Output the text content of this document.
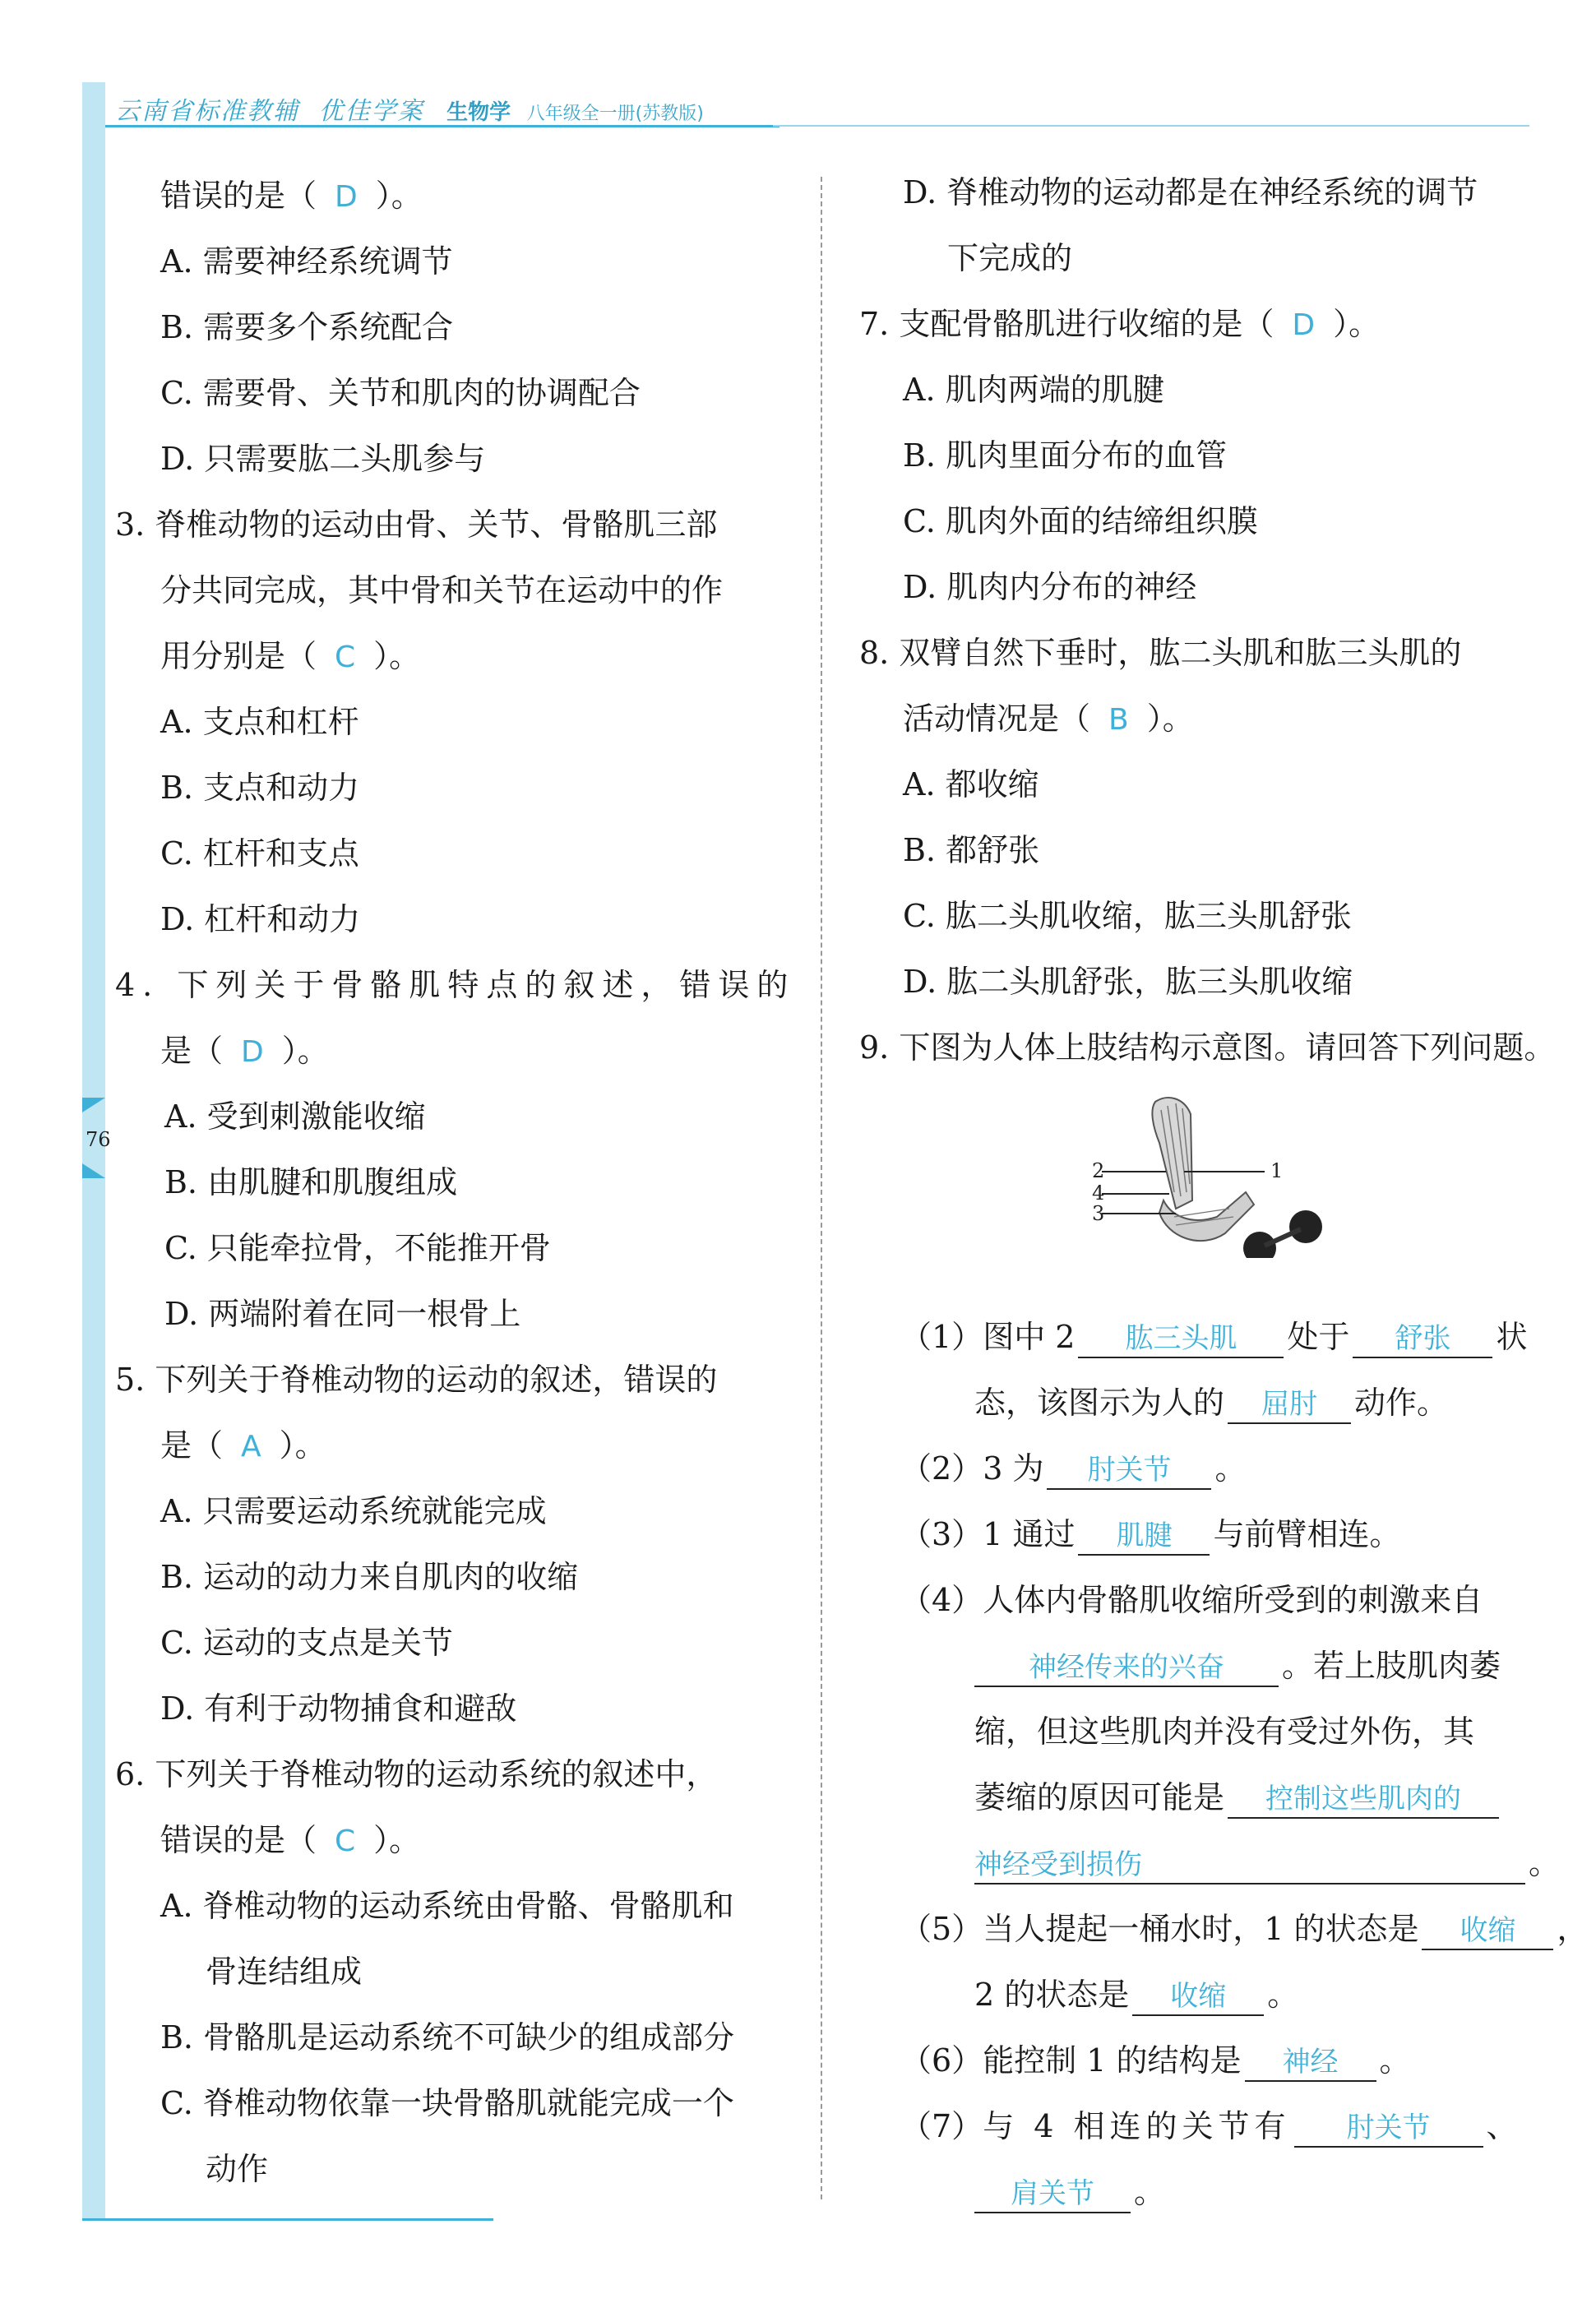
云南省标准教辅 优佳学案 生物学 八年级全一册(苏教版)
76
错误的是（ D ）。
A. 需要神经系统调节
B. 需要多个系统配合
C. 需要骨、关节和肌肉的协调配合
D. 只需要肱二头肌参与
3. 脊椎动物的运动由骨、关节、骨骼肌三部
分共同完成，其中骨和关节在运动中的作
用分别是（ C ）。
A. 支点和杠杆
B. 支点和动力
C. 杠杆和支点
D. 杠杆和动力
4. 下列关于骨骼肌特点的叙述，错误的
是（ D ）。
A. 受到刺激能收缩
B. 由肌腱和肌腹组成
C. 只能牵拉骨，不能推开骨
D. 两端附着在同一根骨上
5. 下列关于脊椎动物的运动的叙述，错误的
是（ A ）。
A. 只需要运动系统就能完成
B. 运动的动力来自肌肉的收缩
C. 运动的支点是关节
D. 有利于动物捕食和避敌
6. 下列关于脊椎动物的运动系统的叙述中，
错误的是（ C ）。
A. 脊椎动物的运动系统由骨骼、骨骼肌和
骨连结组成
B. 骨骼肌是运动系统不可缺少的组成部分
C. 脊椎动物依靠一块骨骼肌就能完成一个
动作
D. 脊椎动物的运动都是在神经系统的调节
下完成的
7. 支配骨骼肌进行收缩的是（ D ）。
A. 肌肉两端的肌腱
B. 肌肉里面分布的血管
C. 肌肉外面的结缔组织膜
D. 肌肉内分布的神经
8. 双臂自然下垂时，肱二头肌和肱三头肌的
活动情况是（ B ）。
A. 都收缩
B. 都舒张
C. 肱二头肌收缩，肱三头肌舒张
D. 肱二头肌舒张，肱三头肌收缩
9. 下图为人体上肢结构示意图。请回答下列问题。
1
2
4
3
（1）图中 2 肱三头肌 处于 舒张 状
态，该图示为人的 屈肘 动作。
（2）3 为 肘关节 。
（3）1 通过 肌腱 与前臂相连。
（4）人体内骨骼肌收缩所受到的刺激来自
神经传来的兴奋 。若上肢肌肉萎
缩，但这些肌肉并没有受过外伤，其
萎缩的原因可能是 控制这些肌肉的
神经受到损伤	。
（5）当人提起一桶水时，1 的状态是 收缩 ，
2 的状态是 收缩 。
（6）能控制 1 的结构是 神经 。
（7）与 4 相连的关节有 肘关节 、
肩关节 。
